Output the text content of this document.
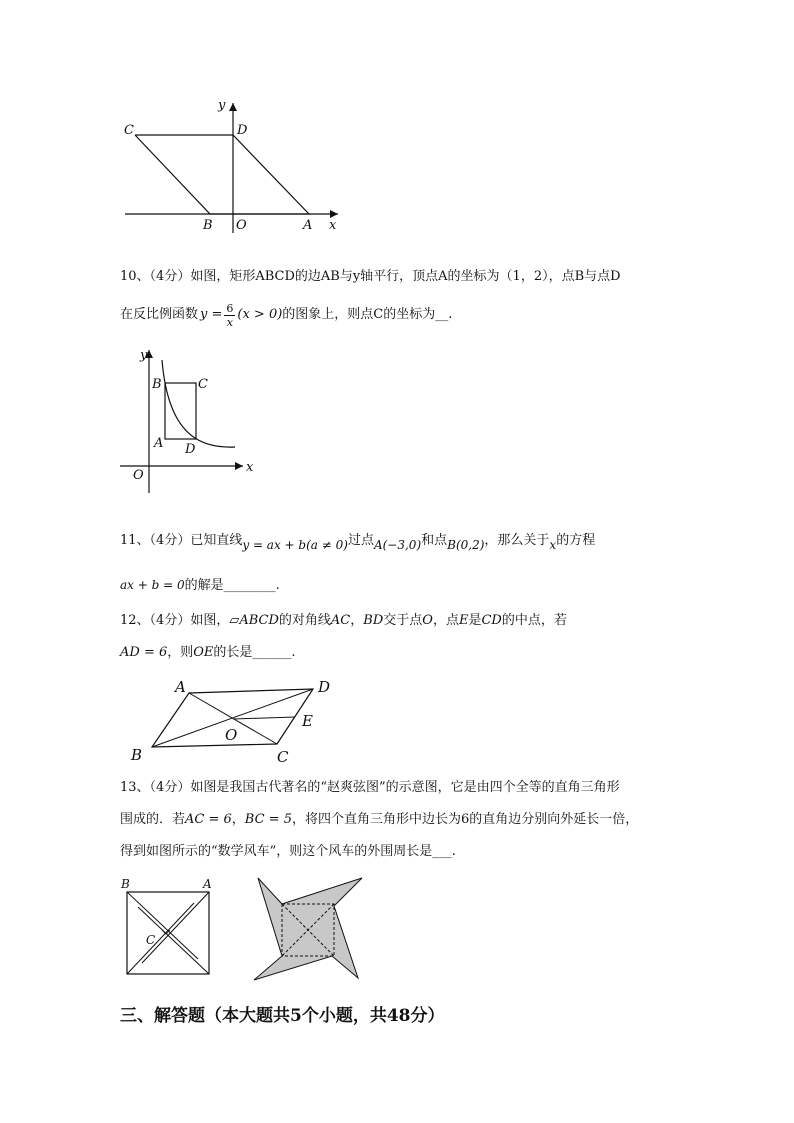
y
C	D
B O	A x
10、（4分）如图，矩形ABCD的边AB与y轴平行，顶点A的坐标为（1，2），点B与点D
在反比例函数 $y = \frac{6}{x} (x > 0)$ 的图象上，则点C的坐标为__.
y
B	C
A D
O
x
11、（4分）已知直线y = ax + b(a ≠ 0)过点A(−3,0)和点B(0,2)，那么关于x的方程
ax + b = 0的解是________.
12、（4分）如图，▱ABCD的对角线AC，BD交于点O，点E是CD的中点，若
AD = 6，则OE的长是______.
A	D
E
O
B	C
13、（4分）如图是我国古代著名的“赵爽弦图”的示意图，它是由四个全等的直角三角形
围成的．若AC = 6，BC = 5，将四个直角三角形中边长为6的直角边分别向外延长一倍，
得到如图所示的“数学风车”，则这个风车的外围周长是___.
B	A
C
三、解答题（本大题共5个小题，共48分）
